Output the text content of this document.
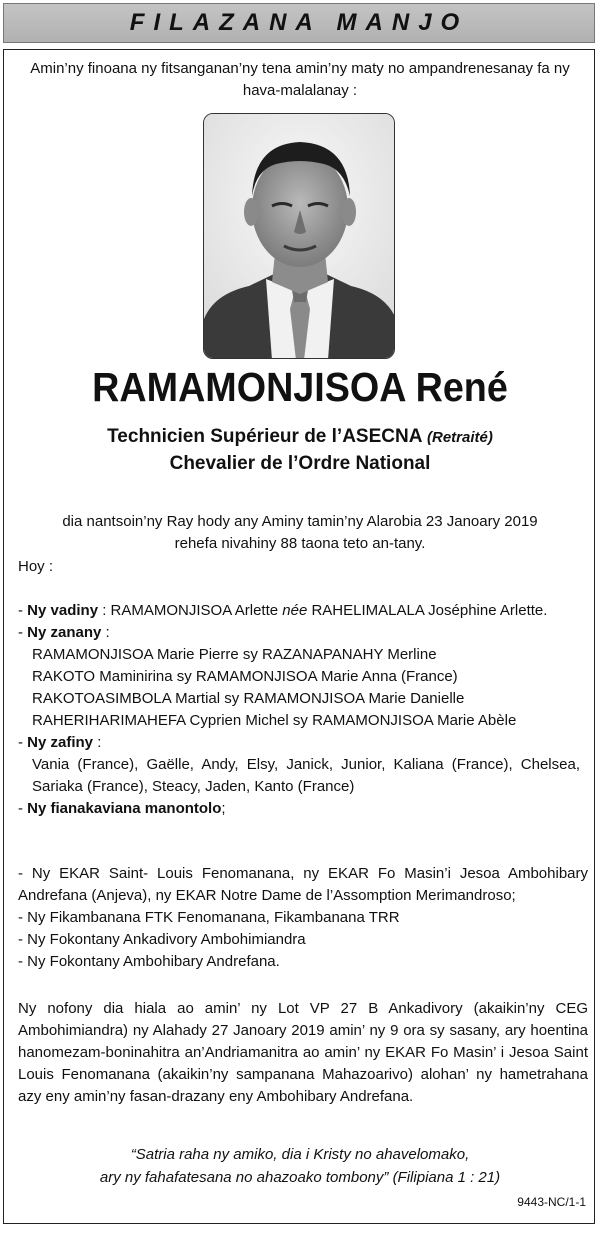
FILAZANA MANJO
Amin’ny finoana ny fitsanganan’ny tena amin’ny maty no ampandrenesanay fa ny hava-malalanay :
RAMAMONJISOA René
Technicien Supérieur de l’ASECNA (Retraité)
Chevalier de l’Ordre National
dia nantsoin’ny Ray hody any Aminy tamin’ny Alarobia 23 Janoary 2019
rehefa nivahiny 88 taona teto an-tany.
Hoy :
- Ny vadiny : RAMAMONJISOA Arlette née RAHELIMALALA Joséphine Arlette.
- Ny zanany :
RAMAMONJISOA Marie Pierre sy RAZANAPANAHY Merline
RAKOTO Maminirina sy RAMAMONJISOA Marie Anna (France)
RAKOTOASIMBOLA Martial sy RAMAMONJISOA Marie Danielle
RAHERIHARIMAHEFA Cyprien Michel sy RAMAMONJISOA Marie Abèle
- Ny zafiny :
Vania (France), Gaëlle, Andy, Elsy, Janick, Junior, Kaliana (France), Chelsea, Sariaka (France), Steacy, Jaden, Kanto (France)
- Ny fianakaviana manontolo;
- Ny EKAR Saint- Louis Fenomanana, ny EKAR Fo Masin’i Jesoa Ambohibary Andrefana (Anjeva), ny EKAR Notre Dame de l’Assomption Merimandroso;
- Ny Fikambanana FTK Fenomanana, Fikambanana TRR
- Ny Fokontany Ankadivory Ambohimiandra
- Ny Fokontany Ambohibary Andrefana.
Ny nofony dia hiala ao amin’ ny Lot VP 27 B Ankadivory (akaikin’ny CEG Ambohimiandra) ny Alahady 27 Janoary 2019 amin’ ny 9 ora sy sasany, ary hoentina hanomezam-boninahitra an’Andriamanitra ao amin’ ny EKAR Fo Masin’ i Jesoa Saint Louis Fenomanana (akaikin’ny sampanana Mahazoarivo) alohan’ ny hametrahana azy eny amin’ny fasan-drazany eny Ambohibary Andrefana.
“Satria raha ny amiko, dia i Kristy no ahavelomako,
ary ny fahafatesana no ahazoako tombony” (Filipiana 1 : 21)
9443-NC/1-1
